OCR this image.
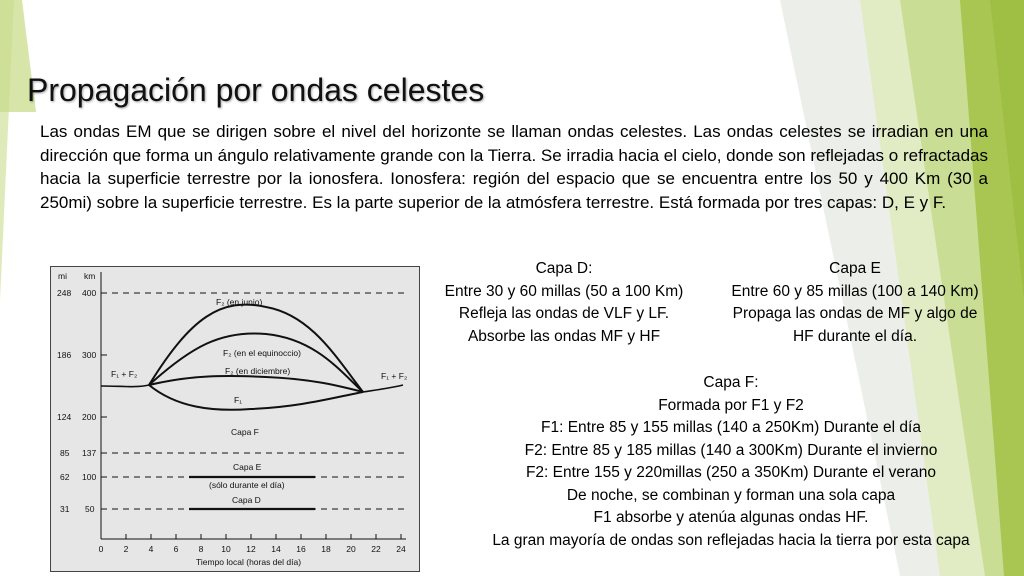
Propagación por ondas celestes

Las ondas EM que se dirigen sobre el nivel del horizonte se llaman ondas celestes. Las ondas celestes se irradian en una dirección que forma un ángulo relativamente grande con la Tierra. Se irradia hacia el cielo, donde son reflejadas o refractadas hacia la superficie terrestre por la ionosfera. Ionosfera: región del espacio que se encuentra entre los 50 y 400 Km (30 a 250mi) sobre la superficie terrestre. Es la parte superior de la atmósfera terrestre. Está formada por tres capas: D, E y F.

mi km
248 400
186 300
124 200
85 137
62 100
31 50
0 2 4 6 8 10 12 14 16 18 20 22 24
Tiempo local (horas del día)
F₂ (en junio)
F₂ (en el equinoccio)
F₂ (en diciembre)
F₁
F₁ + F₂	F₁ + F₂
Capa F
Capa E
(sólo durante el día)
Capa D
Capa D:
Entre 30 y 60 millas (50 a 100 Km)
Refleja las ondas de VLF y LF.
Absorbe las ondas MF y HF
Capa E
Entre 60 y 85 millas (100 a 140 Km)
Propaga las ondas de MF y algo de
HF durante el día.
Capa F:
Formada por F1 y F2
F1: Entre 85 y 155 millas (140 a 250Km) Durante el día
F2: Entre 85 y 185 millas (140 a 300Km) Durante el invierno
F2: Entre 155 y 220millas (250 a 350Km) Durante el verano
De noche, se combinan y forman una sola capa
F1 absorbe y atenúa algunas ondas HF.
La gran mayoría de ondas son reflejadas hacia la tierra por esta capa
